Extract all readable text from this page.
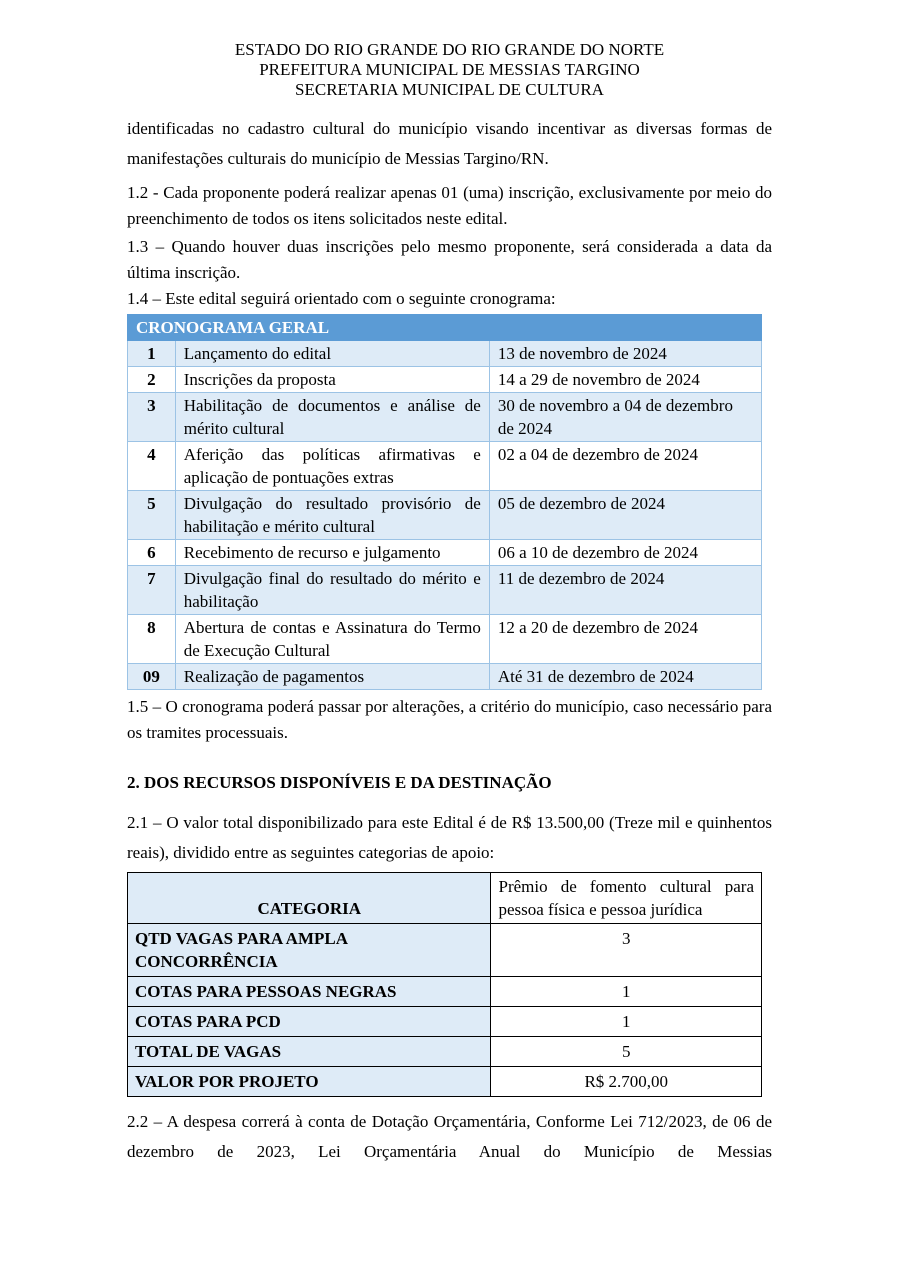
ESTADO DO RIO GRANDE DO RIO GRANDE DO NORTE
PREFEITURA MUNICIPAL DE MESSIAS TARGINO
SECRETARIA MUNICIPAL DE CULTURA

identificadas no cadastro cultural do município visando incentivar as diversas formas de manifestações culturais do município de Messias Targino/RN.

1.2 - Cada proponente poderá realizar apenas 01 (uma) inscrição, exclusivamente por meio do preenchimento de todos os itens solicitados neste edital.

1.3 – Quando houver duas inscrições pelo mesmo proponente, será considerada a data da última inscrição.

1.4 – Este edital seguirá orientado com o seguinte cronograma:

CRONOGRAMA GERAL		
1	Lançamento do edital	13 de novembro de 2024
2	Inscrições da proposta	14 a 29 de novembro de 2024
3	Habilitação de documentos e análise de mérito cultural	30 de novembro a 04 de dezembro de 2024
4	Aferição das políticas afirmativas e aplicação de pontuações extras	02 a 04 de dezembro de 2024
5	Divulgação do resultado provisório de habilitação e mérito cultural	05 de dezembro de 2024
6	Recebimento de recurso e julgamento	06 a 10 de dezembro de 2024
7	Divulgação final do resultado do mérito e habilitação	11 de dezembro de 2024
8	Abertura de contas e Assinatura do Termo de Execução Cultural	12 a 20 de dezembro de 2024
09	Realização de pagamentos	Até 31 de dezembro de 2024

1.5 – O cronograma poderá passar por alterações, a critério do município, caso necessário para os tramites processuais.

2. DOS RECURSOS DISPONÍVEIS E DA DESTINAÇÃO

2.1 – O valor total disponibilizado para este Edital é de R$ 13.500,00 (Treze mil e quinhentos reais), dividido entre as seguintes categorias de apoio:

CATEGORIA	Prêmio de fomento cultural para pessoa física e pessoa jurídica
QTD VAGAS PARA AMPLA CONCORRÊNCIA	3
COTAS PARA PESSOAS NEGRAS	1
COTAS PARA PCD	1
TOTAL DE VAGAS	5
VALOR POR PROJETO	R$ 2.700,00

2.2 – A despesa correrá à conta de Dotação Orçamentária, Conforme Lei 712/2023, de 06 de dezembro de 2023, Lei Orçamentária Anual do Município de Messias
